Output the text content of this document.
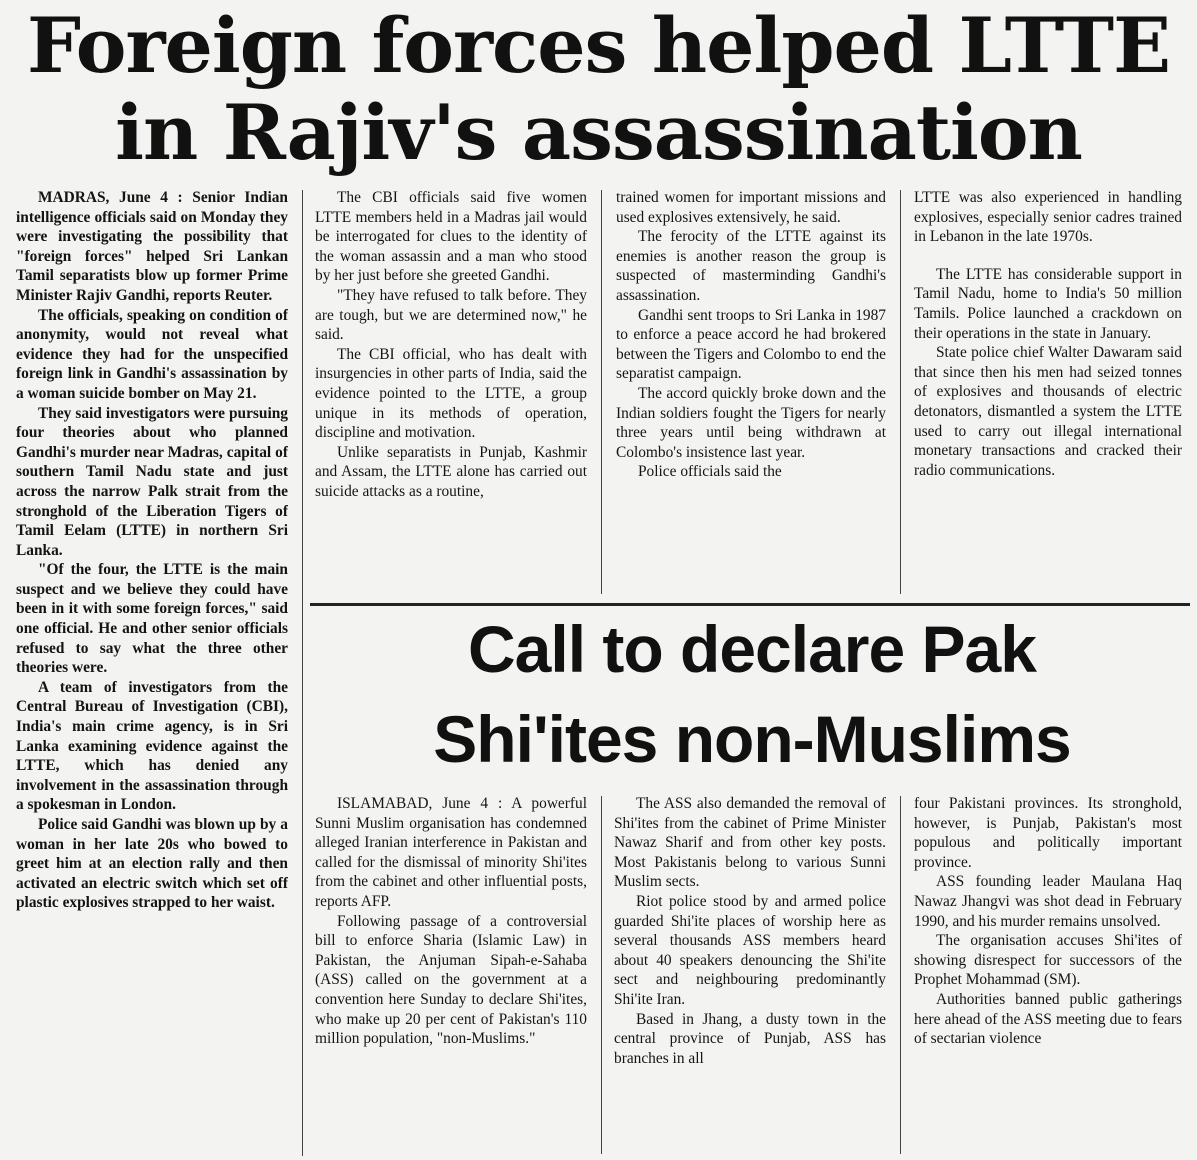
Foreign forces helped LTTE
in Rajiv's assassination

MADRAS, June 4 : Senior Indian intelligence officials said on Monday they were investigating the possibility that "foreign forces" helped Sri Lankan Tamil separatists blow up former Prime Minister Rajiv Gandhi, reports Reuter.

The officials, speaking on condition of anonymity, would not reveal what evidence they had for the unspecified foreign link in Gandhi's assassination by a woman suicide bomber on May 21.

They said investigators were pursuing four theories about who planned Gandhi's murder near Madras, capital of southern Tamil Nadu state and just across the narrow Palk strait from the stronghold of the Liberation Tigers of Tamil Eelam (LTTE) in northern Sri Lanka.

"Of the four, the LTTE is the main suspect and we believe they could have been in it with some foreign forces," said one official. He and other senior officials refused to say what the three other theories were.

A team of investigators from the Central Bureau of Investigation (CBI), India's main crime agency, is in Sri Lanka examining evidence against the LTTE, which has denied any involvement in the assassination through a spokesman in London.

Police said Gandhi was blown up by a woman in her late 20s who bowed to greet him at an election rally and then activated an electric switch which set off plastic explosives strapped to her waist.

The CBI officials said five women LTTE members held in a Madras jail would be interrogated for clues to the identity of the woman assassin and a man who stood by her just before she greeted Gandhi.

"They have refused to talk before. They are tough, but we are determined now," he said.

The CBI official, who has dealt with insurgencies in other parts of India, said the evidence pointed to the LTTE, a group unique in its methods of operation, discipline and motivation.

Unlike separatists in Punjab, Kashmir and Assam, the LTTE alone has carried out suicide attacks as a routine,

trained women for important missions and used explosives extensively, he said.

The ferocity of the LTTE against its enemies is another reason the group is suspected of masterminding Gandhi's assassination.

Gandhi sent troops to Sri Lanka in 1987 to enforce a peace accord he had brokered between the Tigers and Colombo to end the separatist campaign.

The accord quickly broke down and the Indian soldiers fought the Tigers for nearly three years until being withdrawn at Colombo's insistence last year.

Police officials said the

LTTE was also experienced in handling explosives, especially senior cadres trained in Lebanon in the late 1970s.

The LTTE has considerable support in Tamil Nadu, home to India's 50 million Tamils. Police launched a crackdown on their operations in the state in January.

State police chief Walter Dawaram said that since then his men had seized tonnes of explosives and thousands of electric detonators, dismantled a system the LTTE used to carry out illegal international monetary transactions and cracked their radio communications.

Call to declare Pak
Shi'ites non-Muslims

ISLAMABAD, June 4 : A powerful Sunni Muslim organisation has condemned alleged Iranian interference in Pakistan and called for the dismissal of minority Shi'ites from the cabinet and other influential posts, reports AFP.

Following passage of a controversial bill to enforce Sharia (Islamic Law) in Pakistan, the Anjuman Sipah-e-Sahaba (ASS) called on the government at a convention here Sunday to declare Shi'ites, who make up 20 per cent of Pakistan's 110 million population, "non-Muslims."

The ASS also demanded the removal of Shi'ites from the cabinet of Prime Minister Nawaz Sharif and from other key posts. Most Pakistanis belong to various Sunni Muslim sects.

Riot police stood by and armed police guarded Shi'ite places of worship here as several thousands ASS members heard about 40 speakers denouncing the Shi'ite sect and neighbouring predominantly Shi'ite Iran.

Based in Jhang, a dusty town in the central province of Punjab, ASS has branches in all

four Pakistani provinces. Its stronghold, however, is Punjab, Pakistan's most populous and politically important province.

ASS founding leader Maulana Haq Nawaz Jhangvi was shot dead in February 1990, and his murder remains unsolved.

The organisation accuses Shi'ites of showing disrespect for successors of the Prophet Mohammad (SM).

Authorities banned public gatherings here ahead of the ASS meeting due to fears of sectarian violence
